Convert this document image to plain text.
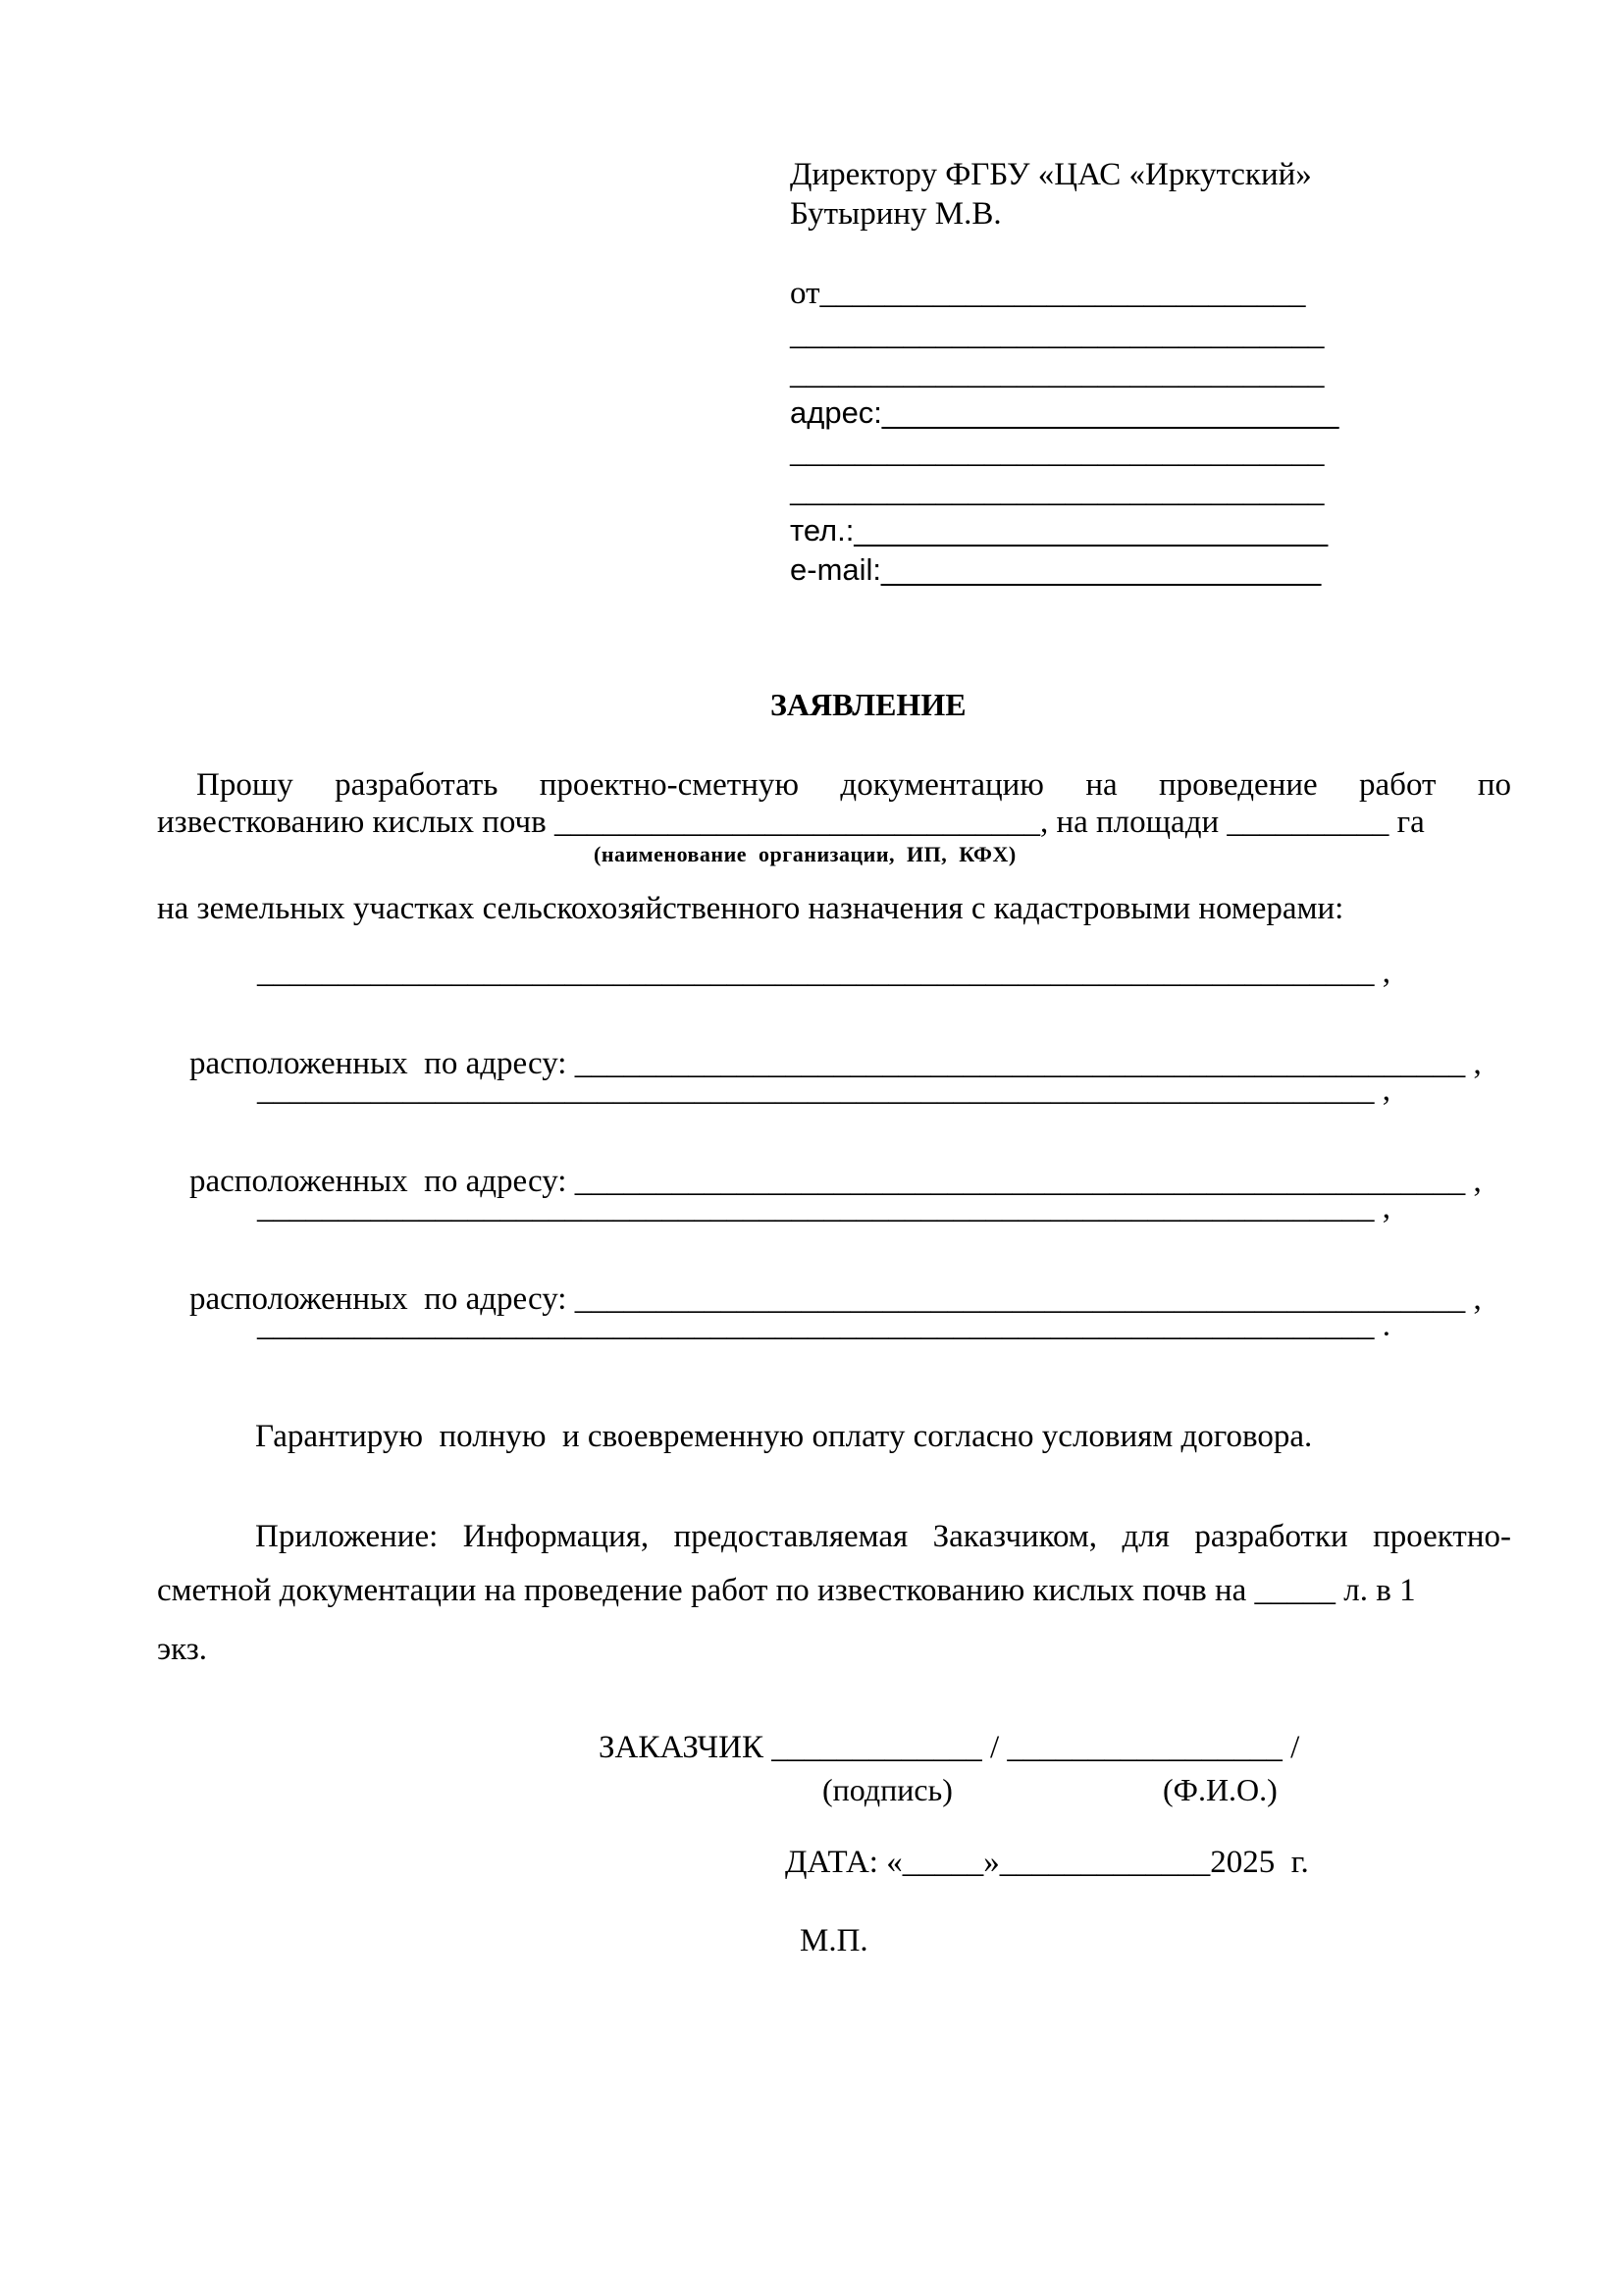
Директору ФГБУ «ЦАС «Иркутский»
Бутырину М.В.
от______________________________
_________________________________
_________________________________
адрес:___________________________
_________________________________
_________________________________
тел.:____________________________
e-mail:__________________________
ЗАЯВЛЕНИЕ
Прошу разработать проектно-сметную документацию на проведение работ по
известкованию кислых почв ______________________________, на площади __________ га
(наименование  организации,  ИП,  КФХ)
на земельных участках сельскохозяйственного назначения с кадастровыми номерами:
_____________________________________________________________________ ,

расположенных  по адресу: _______________________________________________________ ,

_____________________________________________________________________ ,

расположенных  по адресу: _______________________________________________________ ,

_____________________________________________________________________ ,

расположенных  по адресу: _______________________________________________________ ,

_____________________________________________________________________ .
Гарантирую  полную  и своевременную оплату согласно условиям договора.
Приложение: Информация, предоставляемая Заказчиком, для разработки проектно-
сметной документации на проведение работ по известкованию кислых почв на _____ л. в 1
экз.
ЗАКАЗЧИК _____________ / _________________ /
(подпись)	(Ф.И.О.)
ДАТА: «_____»_____________2025  г.
М.П.
